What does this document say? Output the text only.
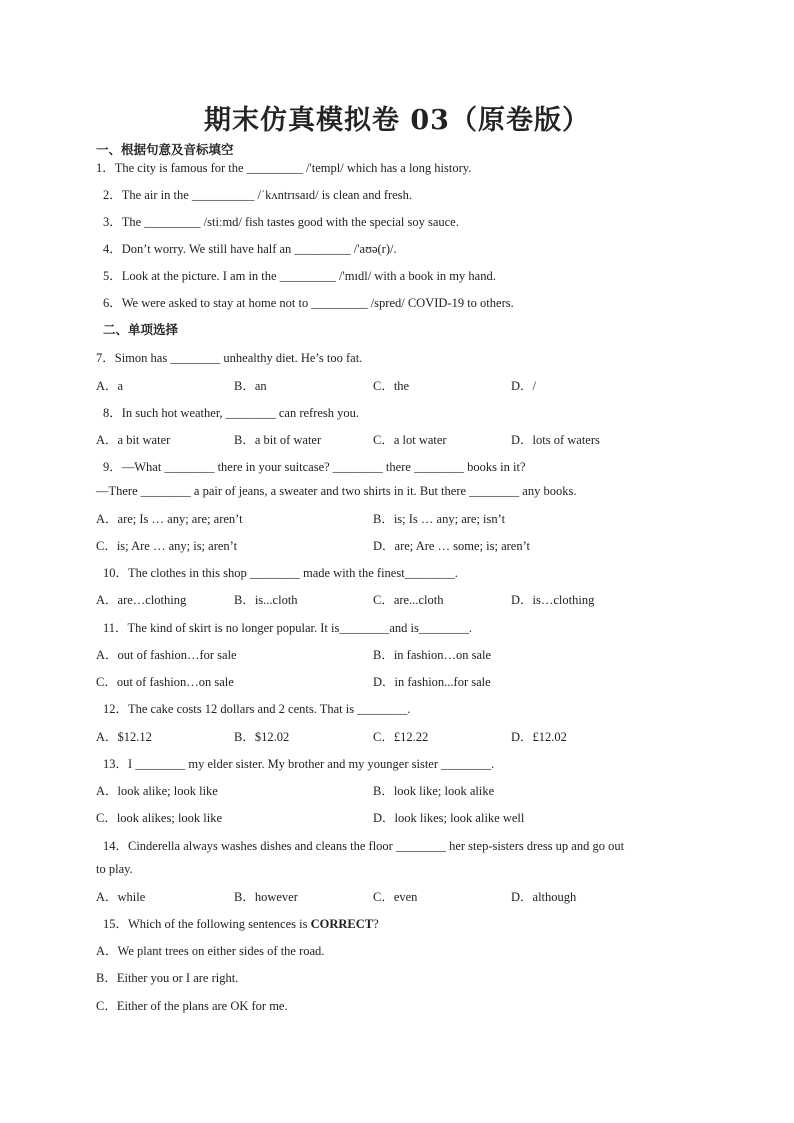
期末仿真模拟卷 03（原卷版）
一、根据句意及音标填空
1．The city is famous for the _________ /'templ/ which has a long history.
2．The air in the __________ /ˈkʌntrɪsaɪd/ is clean and fresh.
3．The _________ /stiːmd/ fish tastes good with the special soy sauce.
4．Don’t worry. We still have half an _________ /'aʊə(r)/.
5．Look at the picture. I am in the _________ /'mɪdl/ with a book in my hand.
6．We were asked to stay at home not to _________ /spred/ COVID-19 to others.
二、单项选择
7．Simon has ________ unhealthy diet. He’s too fat.
A．a	B．an	C．the	D．/
8．In such hot weather, ________ can refresh you.
A．a bit water	B．a bit of water	C．a lot water	D．lots of waters
9．—What ________ there in your suitcase? ________ there ________ books in it?
—There ________ a pair of jeans, a sweater and two shirts in it. But there ________ any books.
A．are; Is … any; are; aren’t	B．is; Is … any; are; isn’t
C．is; Are … any; is; aren’t	D．are; Are … some; is; aren’t
10．The clothes in this shop ________ made with the finest________.
A．are…clothing	B．is...cloth	C．are...cloth	D．is…clothing
11．The kind of skirt is no longer popular. It is________and is________.
A．out of fashion…for sale	B．in fashion…on sale
C．out of fashion…on sale	D．in fashion...for sale
12．The cake costs 12 dollars and 2 cents. That is ________.
A．$12.12	B．$12.02	C．£12.22	D．£12.02
13．I ________ my elder sister. My brother and my younger sister ________.
A．look alike; look like	B．look like; look alike
C．look alikes; look like	D．look likes; look alike well
14．Cinderella always washes dishes and cleans the floor ________ her step-sisters dress up and go out
to play.
A．while	B．however	C．even	D．although
15．Which of the following sentences is CORRECT?
A．We plant trees on either sides of the road.
B．Either you or I are right.
C．Either of the plans are OK for me.
